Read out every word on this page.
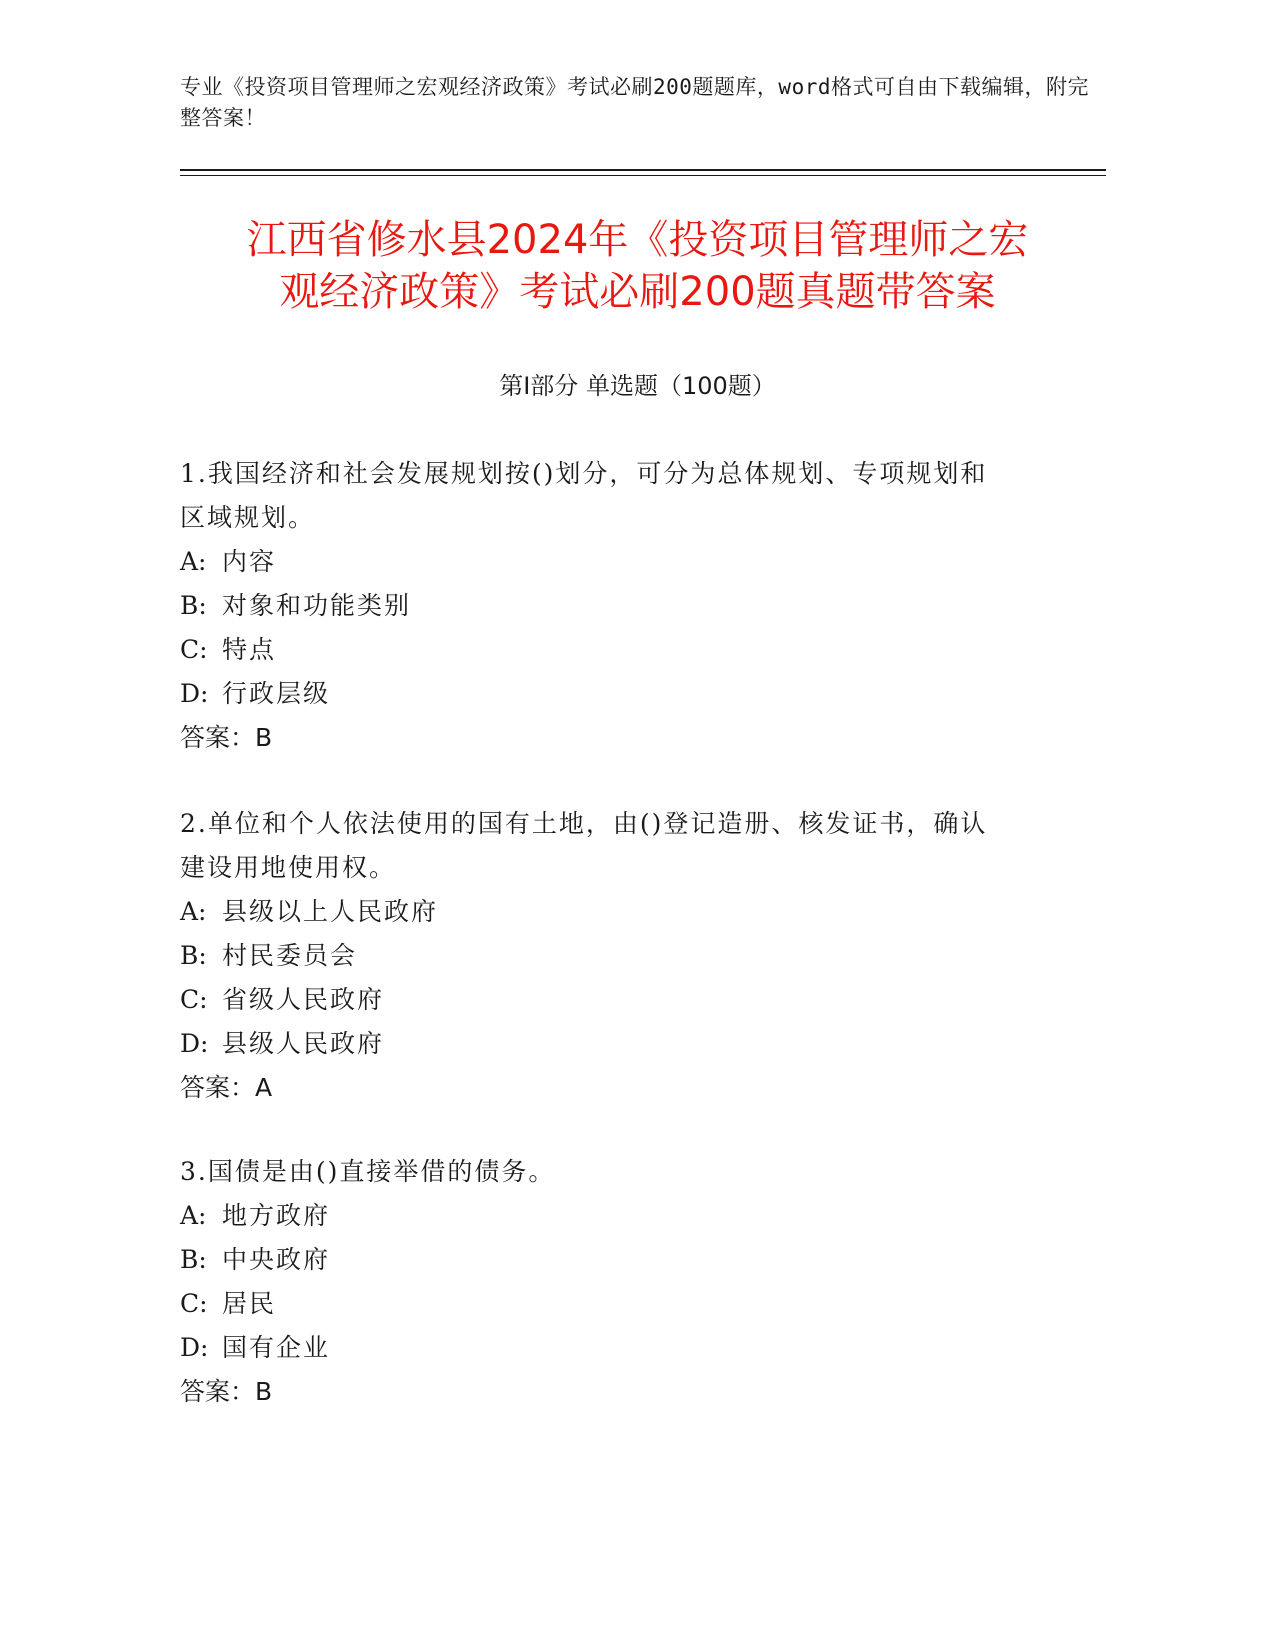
专业《投资项目管理师之宏观经济政策》考试必刷200题题库，word格式可自由下载编辑，附完整答案！
江西省修水县2024年《投资项目管理师之宏
观经济政策》考试必刷200题真题带答案
第Ⅰ部分 单选题（100题）
1.我国经济和社会发展规划按()划分，可分为总体规划、专项规划和
区域规划。
A: 内容
B: 对象和功能类别
C: 特点
D: 行政层级
答案：B
2.单位和个人依法使用的国有土地，由()登记造册、核发证书，确认
建设用地使用权。
A: 县级以上人民政府
B: 村民委员会
C: 省级人民政府
D: 县级人民政府
答案：A
3.国债是由()直接举借的债务。
A: 地方政府
B: 中央政府
C: 居民
D: 国有企业
答案：B
